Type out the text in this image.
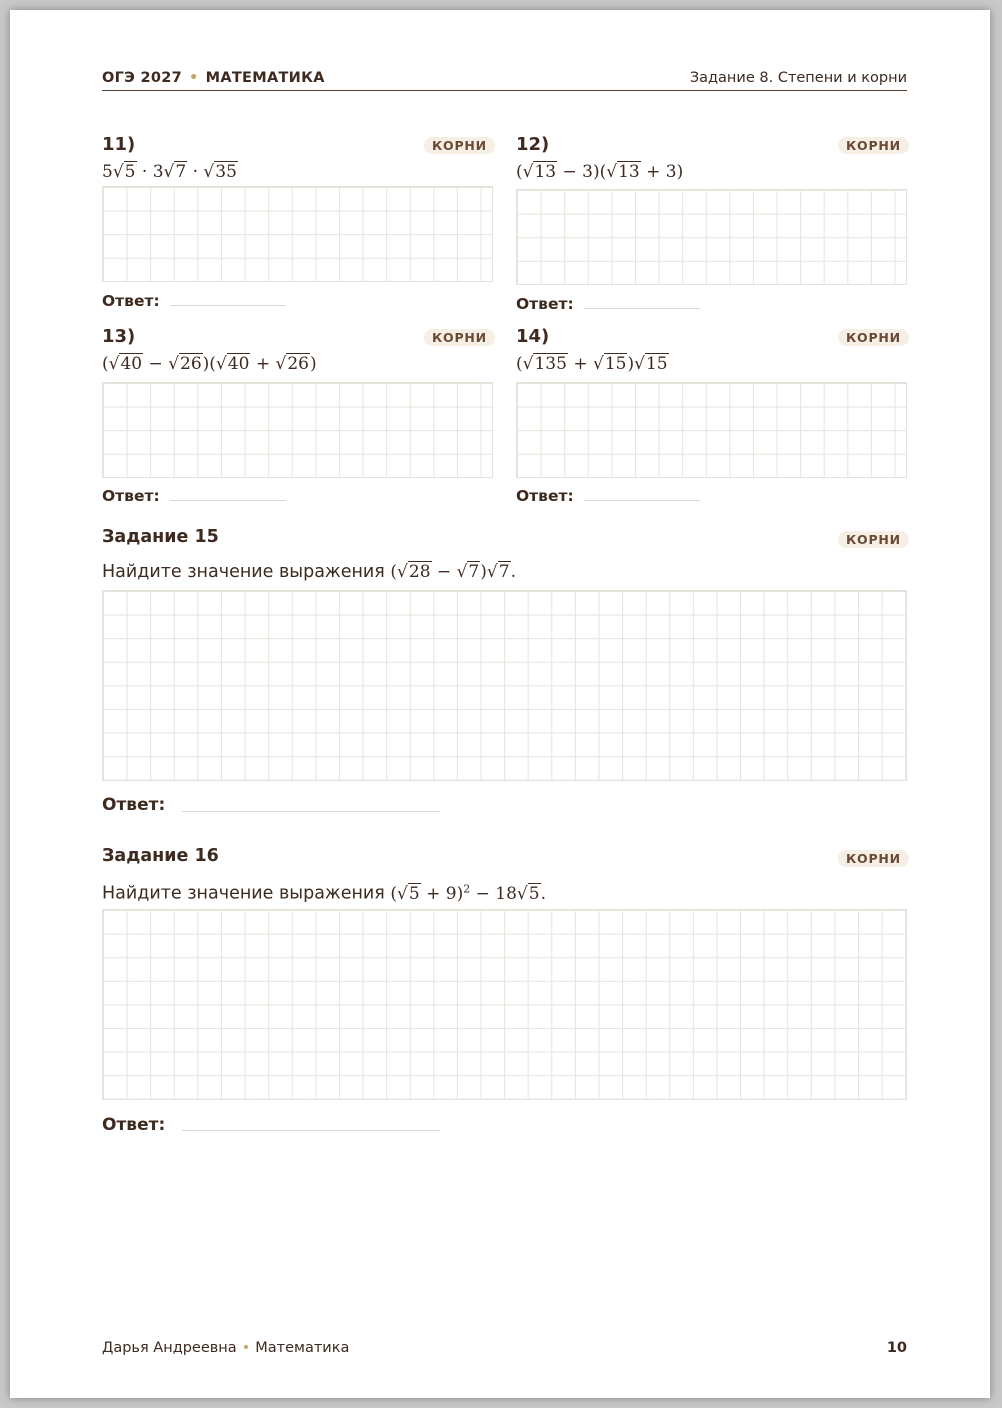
ОГЭ 2027 • МАТЕМАТИКА	Задание 8. Степени и корни
11)	КОРНИ
5√5 · 3√7 · √35
Ответ:
12)	КОРНИ
(√13 − 3)(√13 + 3)
Ответ:
13)	КОРНИ
(√40 − √26)(√40 + √26)
Ответ:
14)	КОРНИ
(√135 + √15)√15
Ответ:
Задание 15	КОРНИ
Найдите значение выражения (√28 − √7)√7.
Ответ:
Задание 16	КОРНИ
Найдите значение выражения $(√5 + 9)^2 - 18√5$.
Ответ:
Дарья Андреевна • Математика	10
